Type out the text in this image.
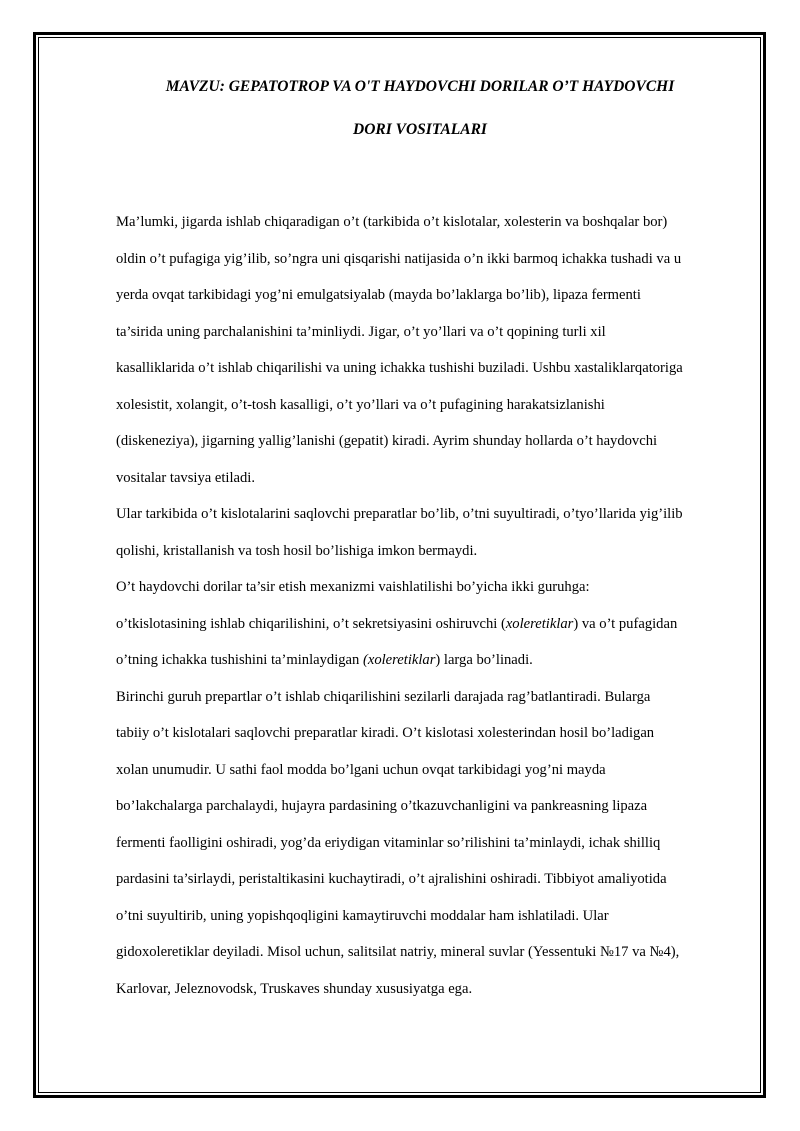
MAVZU: GEPATOTROP VA O'T HAYDOVCHI DORILAR O’T HAYDOVCHI
DORI VOSITALARI
Ma’lumki, jigarda ishlab chiqaradigan o’t (tarkibida o’t kislotalar, xolesterin va boshqalar bor)
oldin o’t pufagiga yig’ilib, so’ngra uni qisqarishi natijasida o’n ikki barmoq ichakka tushadi va u
yerda ovqat tarkibidagi yog’ni emulgatsiyalab (mayda bo’laklarga bo’lib), lipaza fermenti
ta’sirida uning parchalanishini ta’minliydi. Jigar, o’t yo’llari va o’t qopining turli xil
kasalliklarida o’t ishlab chiqarilishi va uning ichakka tushishi buziladi. Ushbu xastaliklarqatoriga
xolesistit, xolangit, o’t-tosh kasalligi, o’t yo’llari va o’t pufagining harakatsizlanishi
(diskeneziya), jigarning yallig’lanishi (gepatit) kiradi. Ayrim shunday hollarda o’t haydovchi
vositalar tavsiya etiladi.
Ular tarkibida o’t kislotalarini saqlovchi preparatlar bo’lib, o’tni suyultiradi, o’tyo’llarida yig’ilib
qolishi, kristallanish va tosh hosil bo’lishiga imkon bermaydi.
O’t haydovchi dorilar ta’sir etish mexanizmi vaishlatilishi bo’yicha ikki guruhga:
o’tkislotasining ishlab chiqarilishini, o’t sekretsiyasini oshiruvchi (xoleretiklar) va o’t pufagidan
o’tning ichakka tushishini ta’minlaydigan (xoleretiklar) larga bo’linadi.
Birinchi guruh prepartlar o’t ishlab chiqarilishini sezilarli darajada rag’batlantiradi. Bularga
tabiiy o’t kislotalari saqlovchi preparatlar kiradi. O’t kislotasi xolesterindan hosil bo’ladigan
xolan unumudir. U sathi faol modda bo’lgani uchun ovqat tarkibidagi yog’ni mayda
bo’lakchalarga parchalaydi, hujayra pardasining o’tkazuvchanligini va pankreasning lipaza
fermenti faolligini oshiradi, yog’da eriydigan vitaminlar so’rilishini ta’minlaydi, ichak shilliq
pardasini ta’sirlaydi, peristaltikasini kuchaytiradi, o’t ajralishini oshiradi. Tibbiyot amaliyotida
o’tni suyultirib, uning yopishqoqligini kamaytiruvchi moddalar ham ishlatiladi. Ular
gidoxoleretiklar deyiladi. Misol uchun, salitsilat natriy, mineral suvlar (Yessentuki №17 va №4),
Karlovar, Jeleznovodsk, Truskaves shunday xususiyatga ega.
